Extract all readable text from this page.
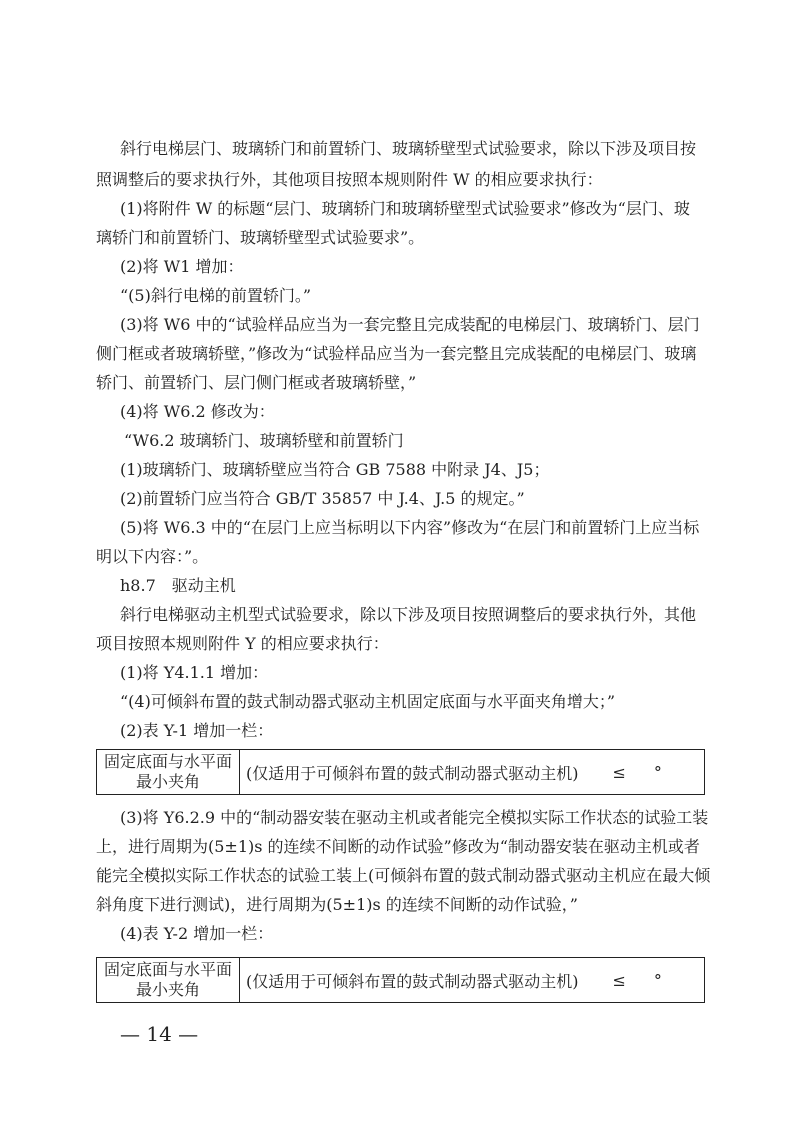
斜行电梯层门、玻璃轿门和前置轿门、玻璃轿壁型式试验要求，除以下涉及项目按
照调整后的要求执行外，其他项目按照本规则附件 W 的相应要求执行：
(1)将附件 W 的标题“层门、玻璃轿门和玻璃轿壁型式试验要求”修改为“层门、玻
璃轿门和前置轿门、玻璃轿壁型式试验要求”。
(2)将 W1 增加：
“(5)斜行电梯的前置轿门。”
(3)将 W6 中的“试验样品应当为一套完整且完成装配的电梯层门、玻璃轿门、层门
侧门框或者玻璃轿壁，”修改为“试验样品应当为一套完整且完成装配的电梯层门、玻璃
轿门、前置轿门、层门侧门框或者玻璃轿壁，”
(4)将 W6.2 修改为：
“W6.2 玻璃轿门、玻璃轿壁和前置轿门
(1)玻璃轿门、玻璃轿壁应当符合 GB 7588 中附录 J4、J5；
(2)前置轿门应当符合 GB/T 35857 中 J.4、J.5 的规定。”
(5)将 W6.3 中的“在层门上应当标明以下内容”修改为“在层门和前置轿门上应当标
明以下内容：”。
h8.7　驱动主机
斜行电梯驱动主机型式试验要求，除以下涉及项目按照调整后的要求执行外，其他
项目按照本规则附件 Y 的相应要求执行：
(1)将 Y4.1.1 增加：
“(4)可倾斜布置的鼓式制动器式驱动主机固定底面与水平面夹角增大；”
(2)表 Y-1 增加一栏：
固定底面与水平面
最小夹角	(仅适用于可倾斜布置的鼓式制动器式驱动主机) ≤ °
(3)将 Y6.2.9 中的“制动器安装在驱动主机或者能完全模拟实际工作状态的试验工装
上，进行周期为(5±1)s 的连续不间断的动作试验”修改为“制动器安装在驱动主机或者
能完全模拟实际工作状态的试验工装上(可倾斜布置的鼓式制动器式驱动主机应在最大倾
斜角度下进行测试)，进行周期为(5±1)s 的连续不间断的动作试验，”
(4)表 Y-2 增加一栏：
固定底面与水平面
最小夹角	(仅适用于可倾斜布置的鼓式制动器式驱动主机) ≤ °
— 14 —
